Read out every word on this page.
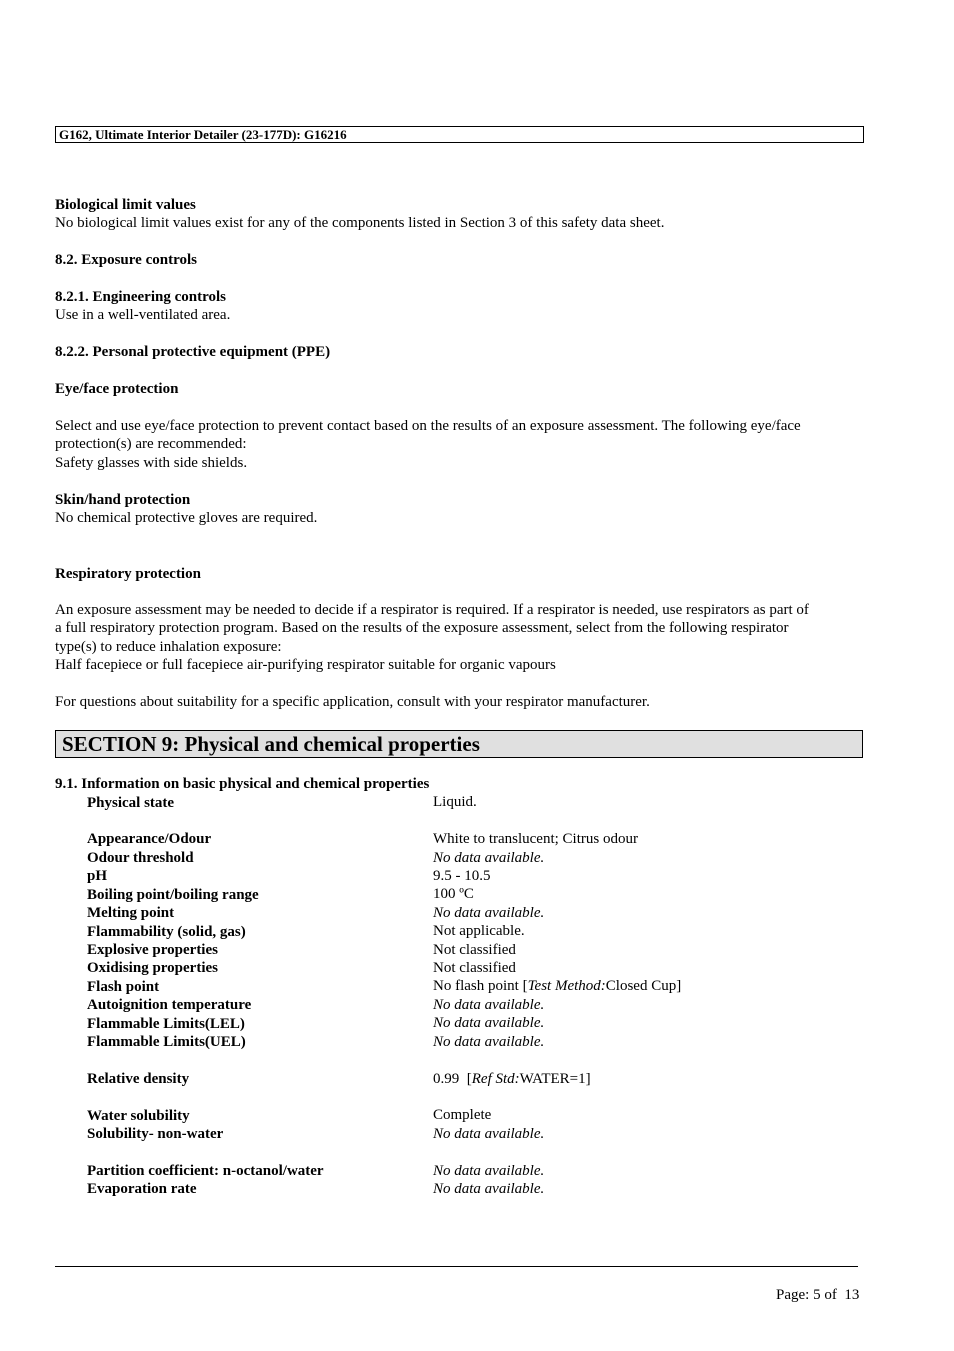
G162, Ultimate Interior Detailer (23-177D): G16216
Biological limit values
No biological limit values exist for any of the components listed in Section 3 of this safety data sheet.
8.2. Exposure controls
8.2.1. Engineering controls
Use in a well-ventilated area.
8.2.2. Personal protective equipment (PPE)
Eye/face protection
Select and use eye/face protection to prevent contact based on the results of an exposure assessment. The following eye/face
protection(s) are recommended:
Safety glasses with side shields.
Skin/hand protection
No chemical protective gloves are required.
Respiratory protection
An exposure assessment may be needed to decide if a respirator is required. If a respirator is needed, use respirators as part of
a full respiratory protection program. Based on the results of the exposure assessment, select from the following respirator
type(s) to reduce inhalation exposure:
Half facepiece or full facepiece air-purifying respirator suitable for organic vapours
For questions about suitability for a specific application, consult with your respirator manufacturer.
SECTION 9: Physical and chemical properties
9.1. Information on basic physical and chemical properties
Physical state	Liquid.
Appearance/Odour	White to translucent; Citrus odour
Odour threshold	No data available.
pH	9.5 - 10.5
Boiling point/boiling range	100 ºC
Melting point	No data available.
Flammability (solid, gas)	Not applicable.
Explosive properties	Not classified
Oxidising properties	Not classified
Flash point	No flash point [Test Method:Closed Cup]
Autoignition temperature	No data available.
Flammable Limits(LEL)	No data available.
Flammable Limits(UEL)	No data available.
Relative density	0.99  [Ref Std:WATER=1]
Water solubility	Complete
Solubility- non-water	No data available.
Partition coefficient: n-octanol/water	No data available.
Evaporation rate	No data available.
Page: 5 of  13
